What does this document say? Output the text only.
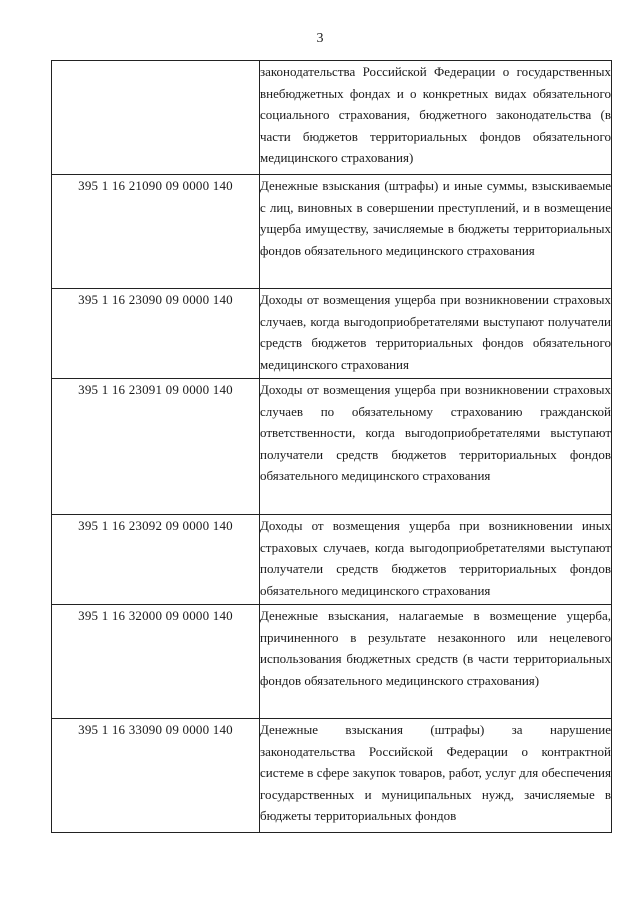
3
	законодательства Российской Федерации о государственных внебюджетных фондах и о конкретных видах обязательного социального страхования, бюджетного законодательства (в части бюджетов территориальных фондов обязательного медицинского страхования)
395 1 16 21090 09 0000 140	Денежные взыскания (штрафы) и иные суммы, взыскиваемые с лиц, виновных в совершении преступлений, и в возмещение ущерба имуществу, зачисляемые в бюджеты территориальных фондов обязательного медицинского страхования
395 1 16 23090 09 0000 140	Доходы от возмещения ущерба при возникновении страховых случаев, когда выгодоприобретателями выступают получатели средств бюджетов территориальных фондов обязательного медицинского страхования
395 1 16 23091 09 0000 140	Доходы от возмещения ущерба при возникновении страховых случаев по обязательному страхованию гражданской ответственности, когда выгодоприобретателями выступают получатели средств бюджетов территориальных фондов обязательного медицинского страхования
395 1 16 23092 09 0000 140	Доходы от возмещения ущерба при возникновении иных страховых случаев, когда выгодоприобретателями выступают получатели средств бюджетов территориальных фондов обязательного медицинского страхования
395 1 16 32000 09 0000 140	Денежные взыскания, налагаемые в возмещение ущерба, причиненного в результате незаконного или нецелевого использования бюджетных средств (в части территориальных фондов обязательного медицинского страхования)
395 1 16 33090 09 0000 140	Денежные взыскания (штрафы) за нарушение законодательства Российской Федерации о контрактной системе в сфере закупок товаров, работ, услуг для обеспечения государственных и муниципальных нужд, зачисляемые в бюджеты территориальных фондов
